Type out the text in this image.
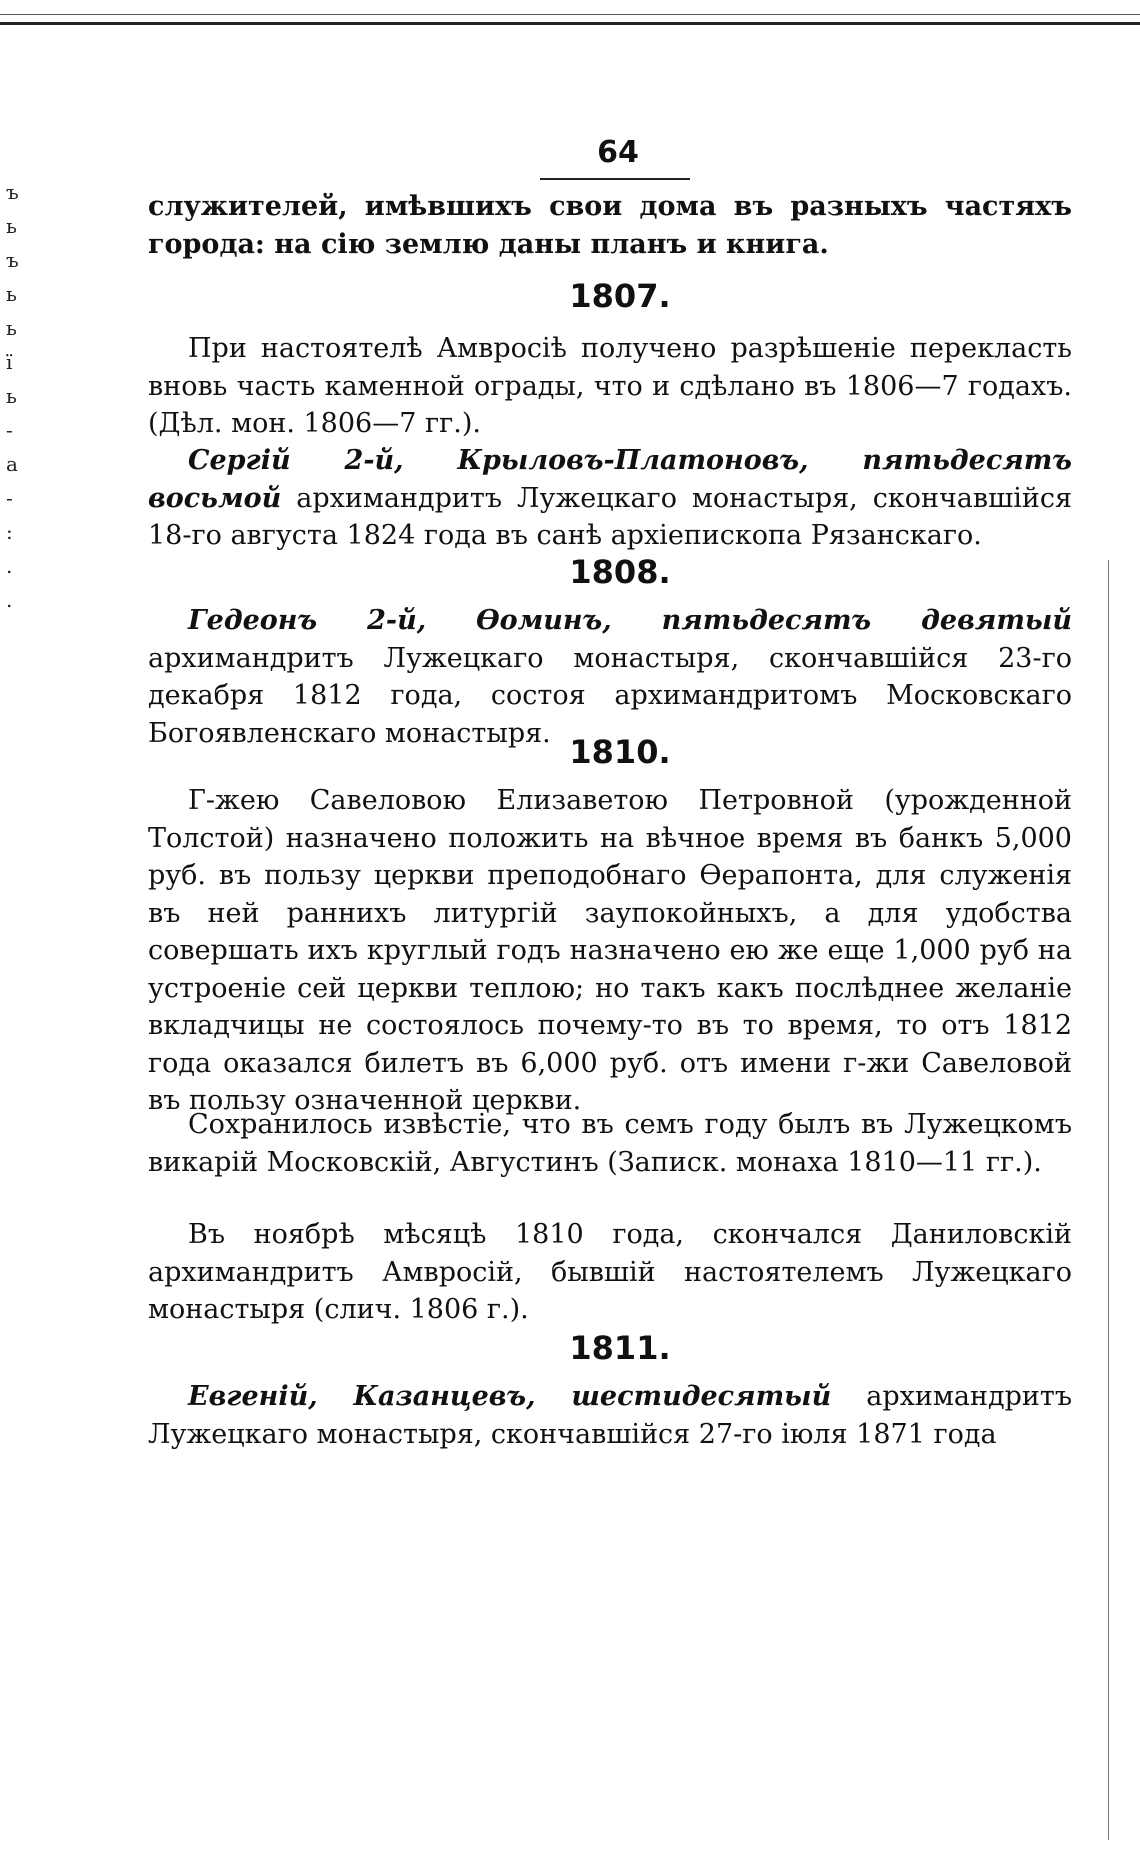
ъ
ь
ъ
ь
ь
ї
ь
-
а
-
:
.
.
64
служителей, имѣвшихъ свои дома въ разныхъ частяхъ города: на сію землю даны планъ и книга.
1807.
При настоятелѣ Амвросіѣ получено разрѣшеніе переклaсть вновь часть каменной ограды, что и сдѣлано въ 1806—7 годахъ. (Дѣл. мон. 1806—7 гг.).
Сергій 2-й, Крыловъ-Платоновъ, пятьдесятъ восьмой архимандритъ Лужецкаго монастыря, скончавшійся 18-го августа 1824 года въ санѣ архіепископа Рязанскаго.
1808.
Гедеонъ 2-й, Ѳоминъ, пятьдесятъ девятый архимандритъ Лужецкаго монастыря, скончавшійся 23-го декабря 1812 года, состоя архимандритомъ Московскаго Богоявленскаго монастыря. 1810.
Г-жею Савеловою Елизаветою Петровной (урожденной Толстой) назначено положить на вѣчное время въ банкъ 5,000 руб. въ пользу церкви преподобнаго Ѳерапонта, для служенія въ ней раннихъ литургій заупокойныхъ, а для удобства совершать ихъ круглый годъ назначено ею же еще 1,000 руб на устроеніе сей церкви теплою; но такъ какъ послѣднее желаніе вкладчицы не состоялось почему-то въ то время, то отъ 1812 года оказался билетъ въ 6,000 руб. отъ имени г-жи Савеловой въ пользу означенной церкви.
Сохранилось извѣстіе, что въ семъ году былъ въ Лужецкомъ викарій Московскій, Августинъ (Записк. монаха 1810—11 гг.).
Въ ноябрѣ мѣсяцѣ 1810 года, скончался Даниловскій архимандритъ Амвросій, бывшій настоятелемъ Лужецкаго монастыря (слич. 1806 г.).
1811.
Евгеній, Казанцевъ, шестидесятый архимандритъ Лужецкаго монастыря, скончавшійся 27-го іюля 1871 года
